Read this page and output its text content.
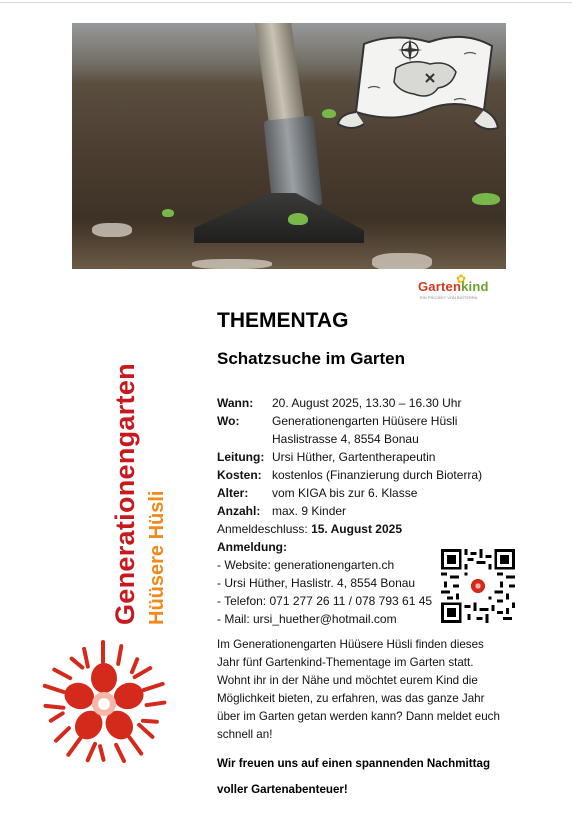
✿
Gartenkind
EIN PROJEKT VON BIOTERRA
Generationengarten Hüüsere Hüsli
THEMENTAG
Schatzsuche im Garten
Wann: 20. August 2025, 13.30 – 16.30 Uhr
Wo:	Generationengarten Hüüsere Hüsli
Haslistrasse 4, 8554 Bonau
Leitung: Ursi Hüther, Gartentherapeutin
Kosten: kostenlos (Finanzierung durch Bioterra)
Alter: vom KIGA bis zur 6. Klasse
Anzahl: max. 9 Kinder
Anmeldeschluss: 15. August 2025
Anmeldung:
- Website: generationengarten.ch
- Ursi Hüther, Haslistr. 4, 8554 Bonau
- Telefon: 071 277 26 11 / 078 793 61 45
- Mail: ursi_huether@hotmail.com
Im Generationengarten Hüüsere Hüsli finden dieses Jahr fünf Gartenkind-Thementage im Garten statt. Wohnt ihr in der Nähe und möchtet eurem Kind die Möglichkeit bieten, zu erfahren, was das ganze Jahr über im Garten getan werden kann? Dann meldet euch schnell an!
Wir freuen uns auf einen spannenden Nachmittag
voller Gartenabenteuer!
